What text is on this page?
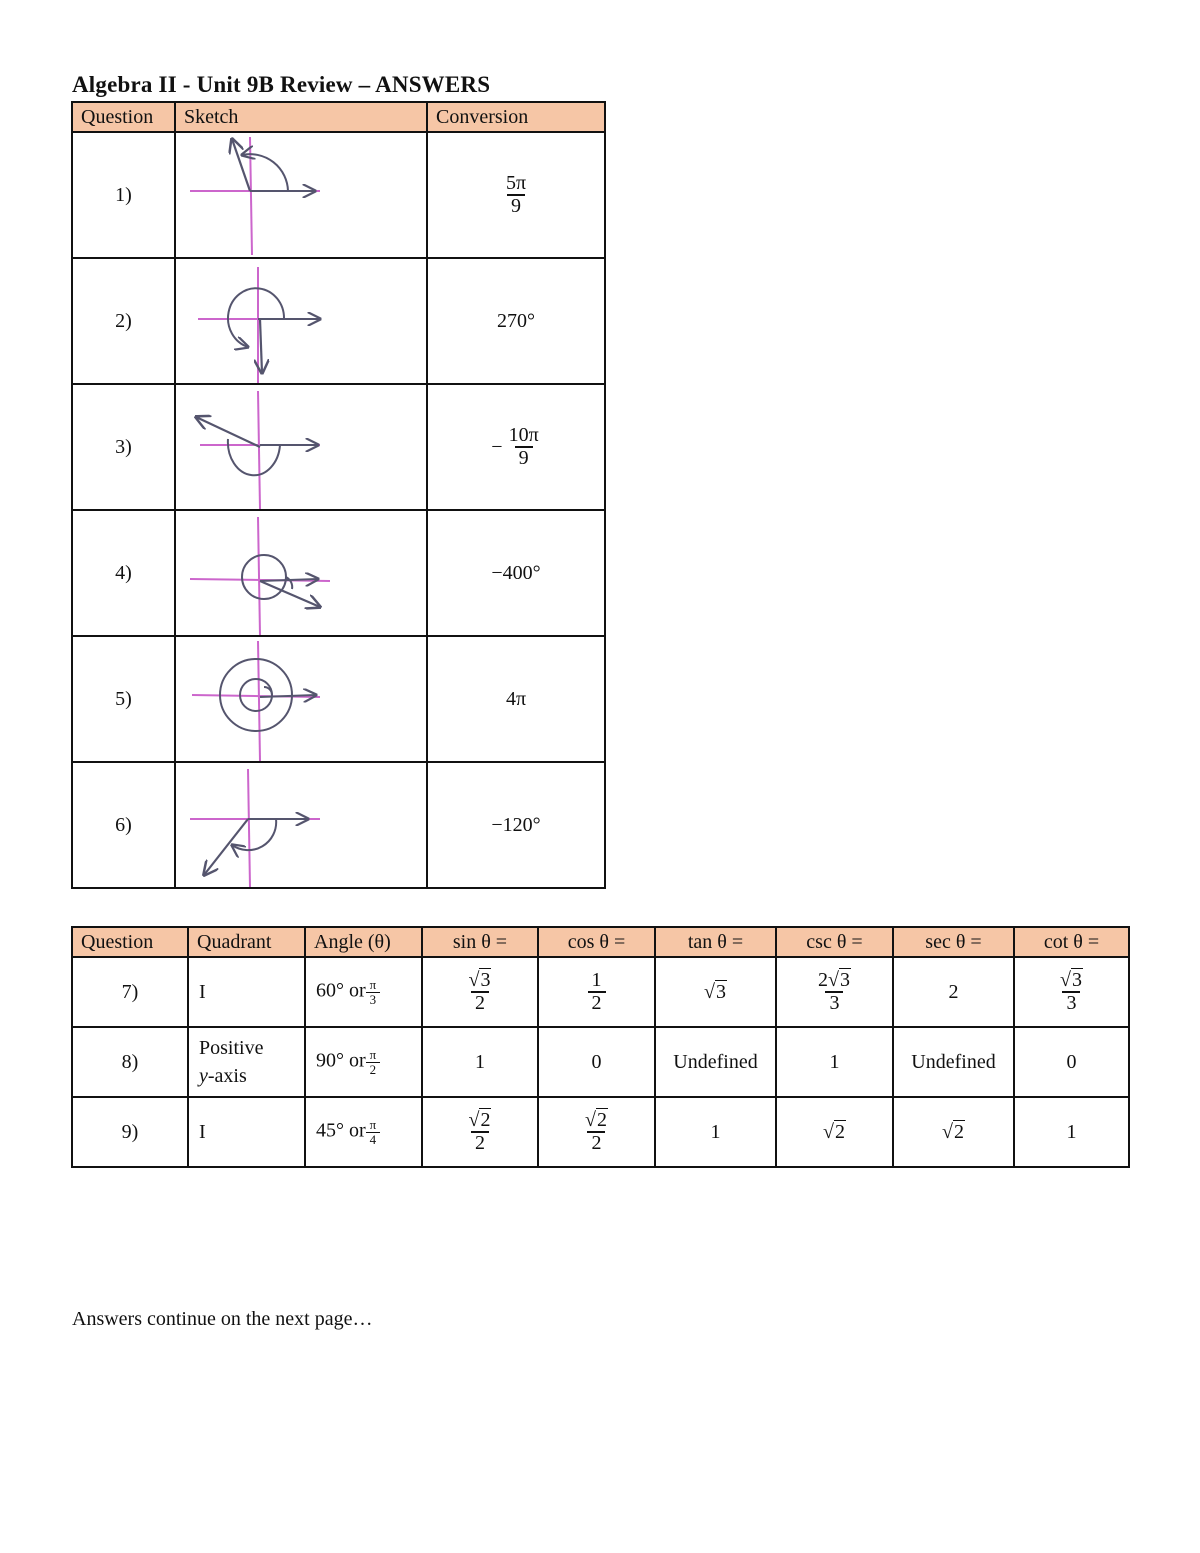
Algebra II - Unit 9B Review – ANSWERS
Question	Sketch	Conversion
1)		$\frac{5\pi}{9}$

2)		270°
3)		− $\frac{10\pi}{9}$

4)		−400°
5)		4π
6)		−120°
Question	Quadrant	Angle (θ)	sin θ =	cos θ =	tan θ =	csc θ =	sec θ =	cot θ =
7)	I	60° or $\frac{\pi}{3}$	$\frac{√3}{2}$	$\frac{1}{2}$	√3	$\frac{2√3}{3}$	2	$\frac{√3}{3}$

8)	Positive
y-axis	90° or $\frac{\pi}{2}$	1	0	Undefined	1	Undefined	0
9)	I	45° or $\frac{\pi}{4}$	$\frac{√2}{2}$	$\frac{√2}{2}$	1	√2	√2	1
Answers continue on the next page…
